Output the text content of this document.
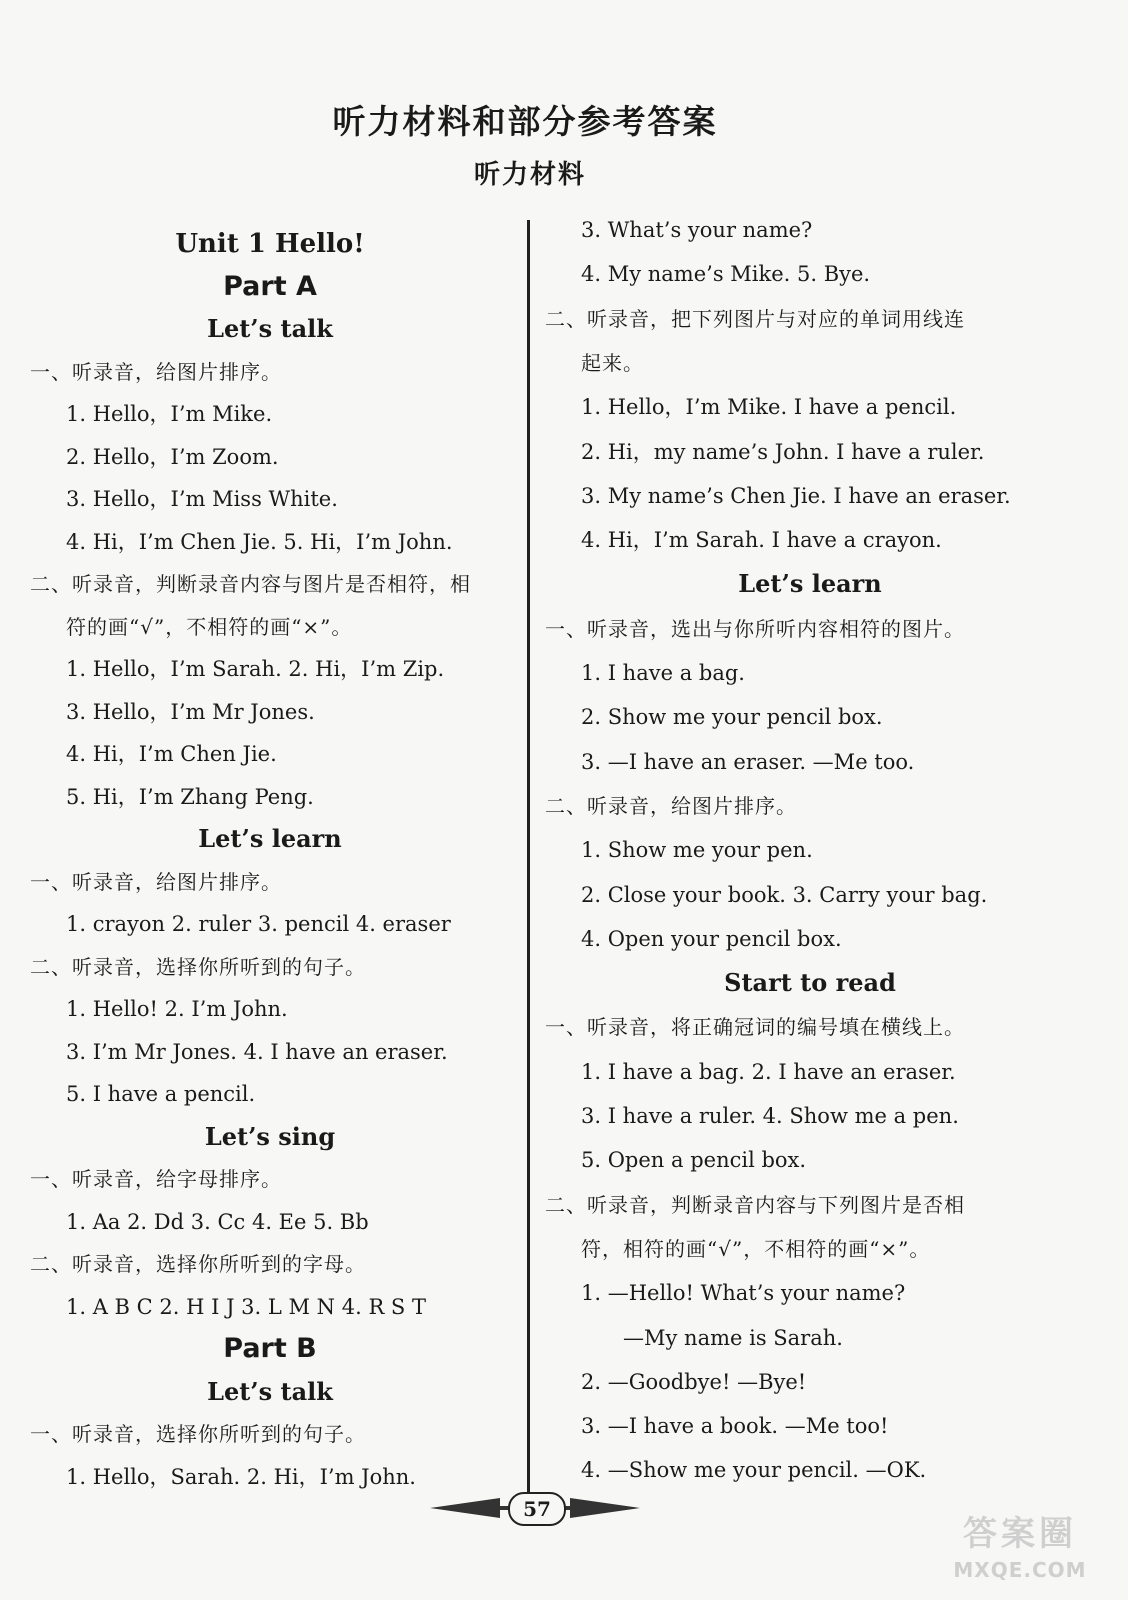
听力材料和部分参考答案
听力材料
Unit 1 Hello!
Part A
Let’s talk
一、听录音，给图片排序。
1. Hello，I’m Mike.
2. Hello，I’m Zoom.
3. Hello，I’m Miss White.
4. Hi，I’m Chen Jie. 5. Hi，I’m John.
二、听录音，判断录音内容与图片是否相符，相
符的画“√”，不相符的画“×”。
1. Hello，I’m Sarah. 2. Hi，I’m Zip.
3. Hello，I’m Mr Jones.
4. Hi，I’m Chen Jie.
5. Hi，I’m Zhang Peng.
Let’s learn
一、听录音，给图片排序。
1. crayon 2. ruler 3. pencil 4. eraser
二、听录音，选择你所听到的句子。
1. Hello! 2. I’m John.
3. I’m Mr Jones. 4. I have an eraser.
5. I have a pencil.
Let’s sing
一、听录音，给字母排序。
1. Aa 2. Dd 3. Cc 4. Ee 5. Bb
二、听录音，选择你所听到的字母。
1. A B C 2. H I J 3. L M N 4. R S T
Part B
Let’s talk
一、听录音，选择你所听到的句子。
1. Hello，Sarah. 2. Hi，I’m John.
3. What’s your name?
4. My name’s Mike. 5. Bye.
二、听录音，把下列图片与对应的单词用线连
起来。
1. Hello，I’m Mike. I have a pencil.
2. Hi，my name’s John. I have a ruler.
3. My name’s Chen Jie. I have an eraser.
4. Hi，I’m Sarah. I have a crayon.
Let’s learn
一、听录音，选出与你所听内容相符的图片。
1. I have a bag.
2. Show me your pencil box.
3. —I have an eraser. —Me too.
二、听录音，给图片排序。
1. Show me your pen.
2. Close your book. 3. Carry your bag.
4. Open your pencil box.
Start to read
一、听录音，将正确冠词的编号填在横线上。
1. I have a bag. 2. I have an eraser.
3. I have a ruler. 4. Show me a pen.
5. Open a pencil box.
二、听录音，判断录音内容与下列图片是否相
符，相符的画“√”，不相符的画“×”。
1. —Hello! What’s your name?
—My name is Sarah.
2. —Goodbye! —Bye!
3. —I have a book. —Me too!
4. —Show me your pencil. —OK.
57
答案圈
MXQE.COM
